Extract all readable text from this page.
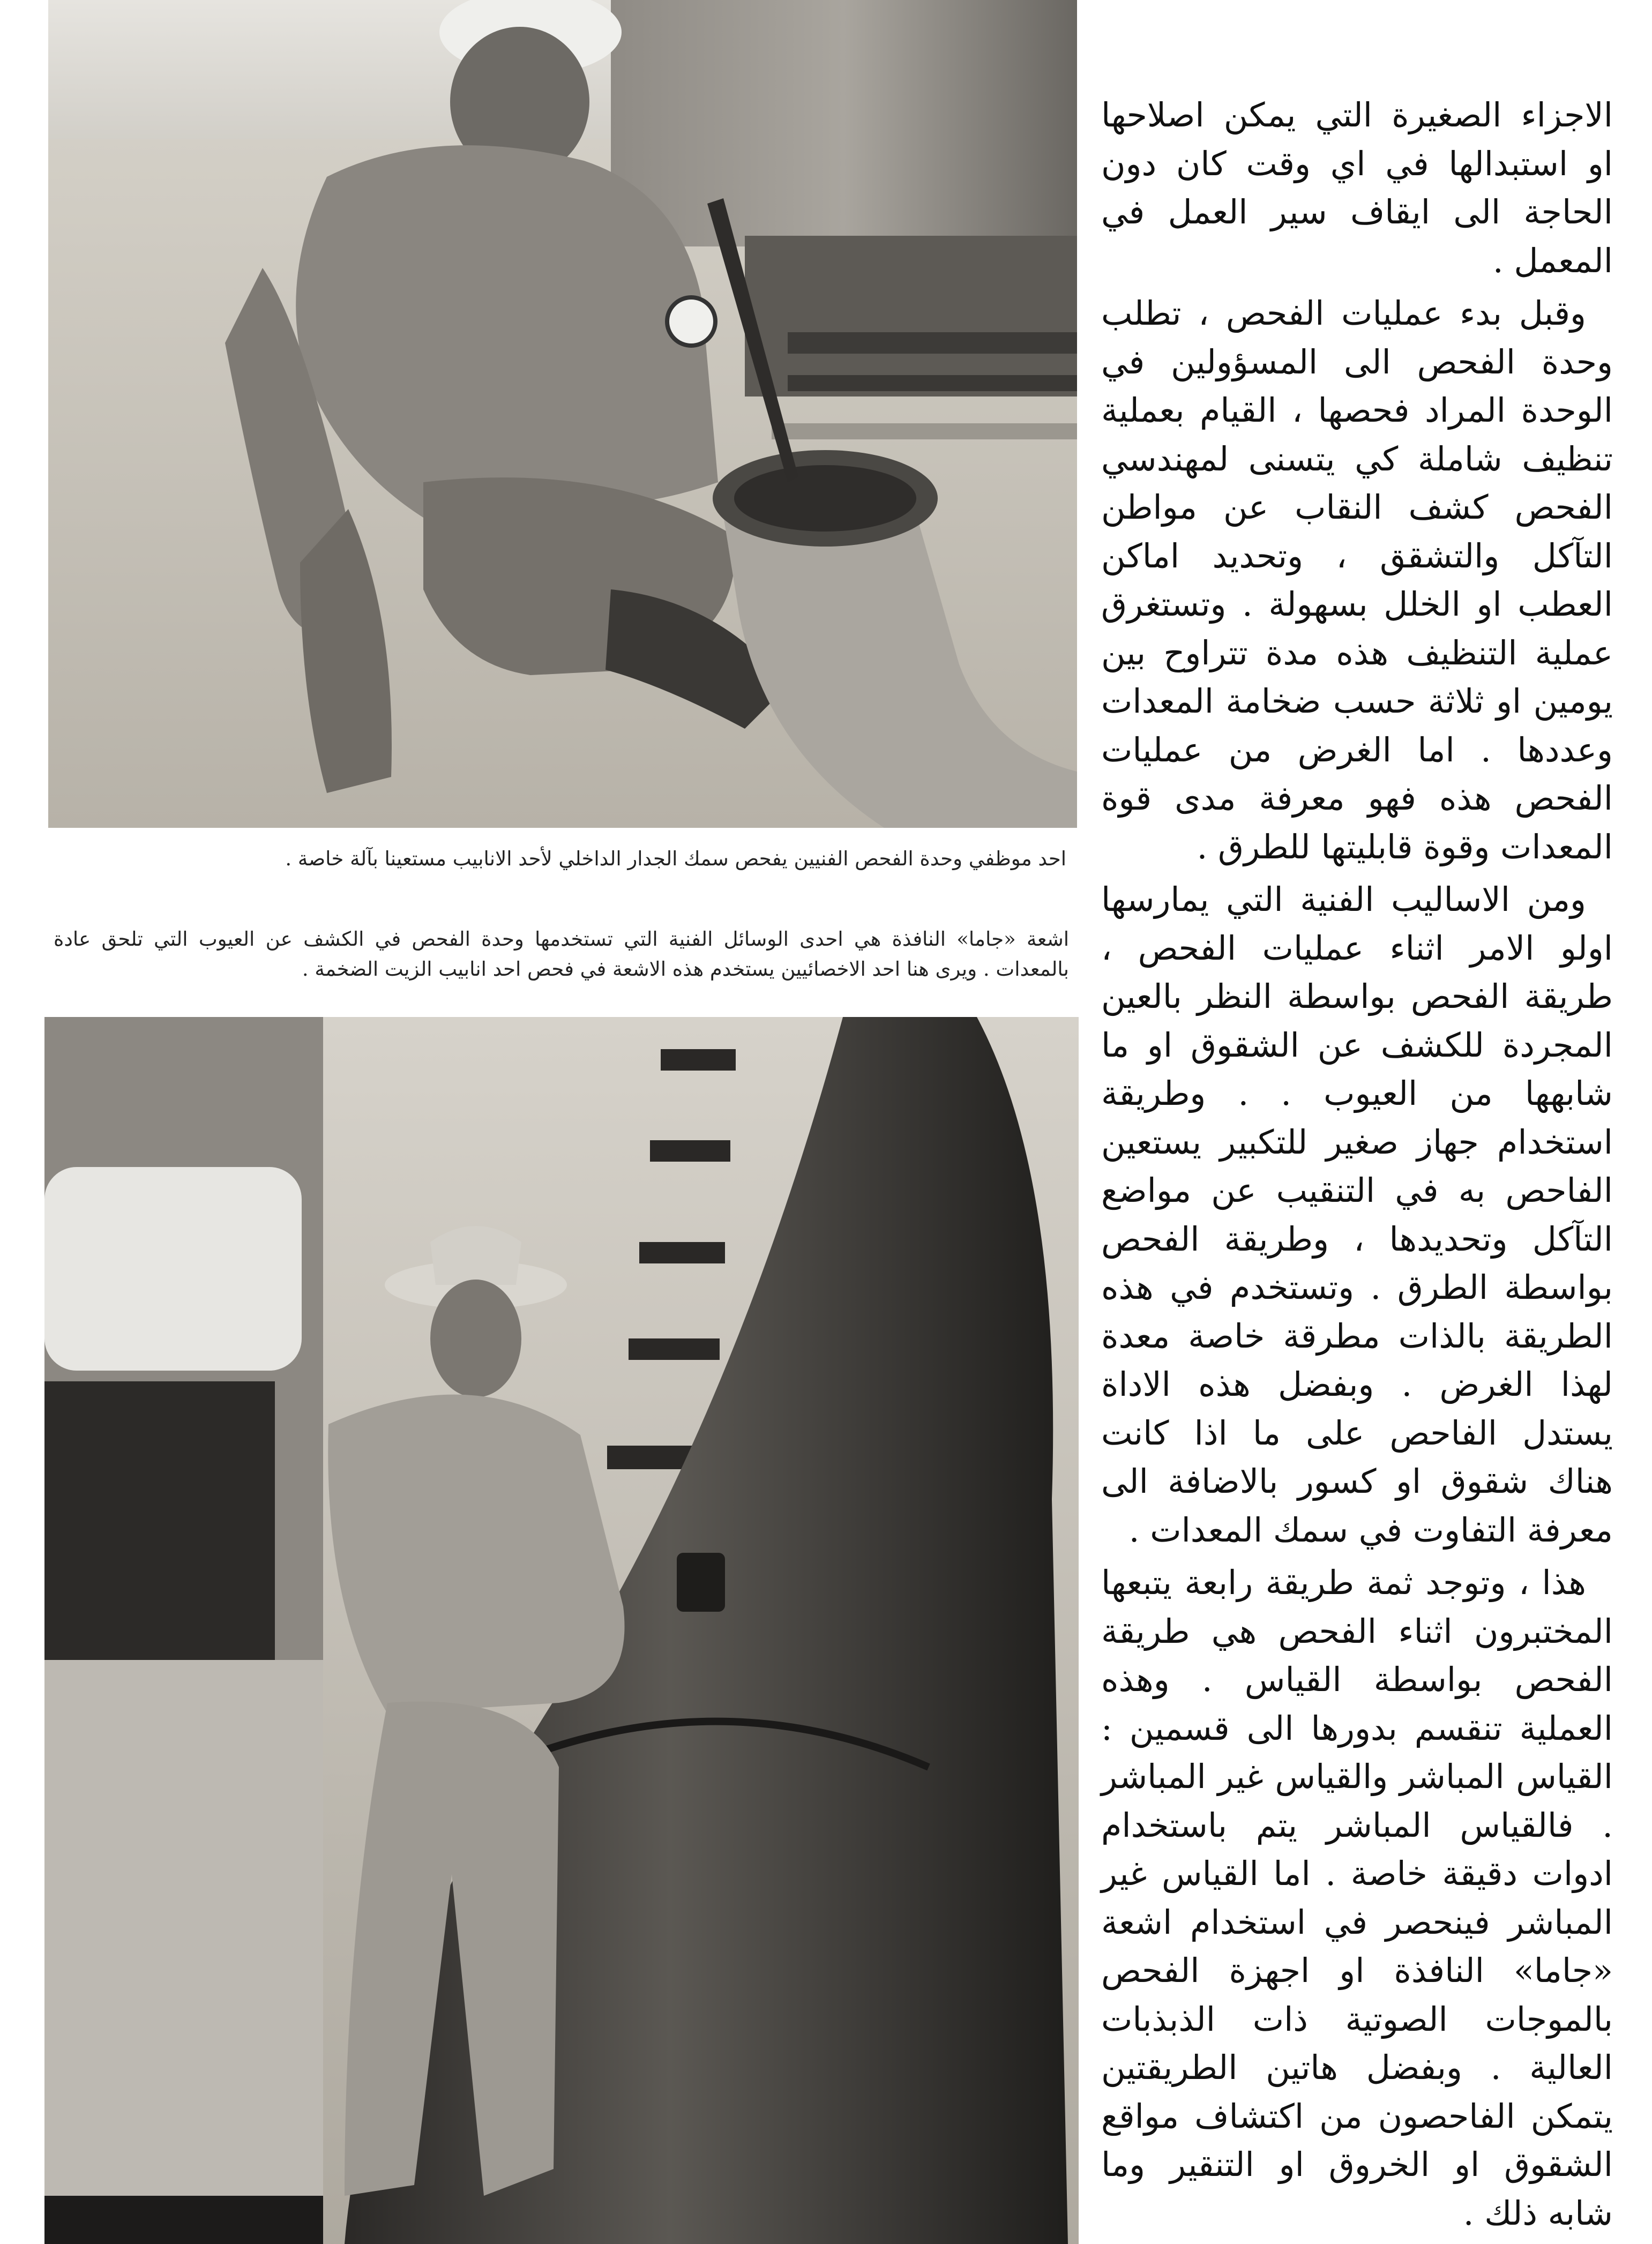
احد موظفي وحدة الفحص الفنيين يفحص سمك الجدار الداخلي لأحد الانابيب مستعينا بآلة خاصة .
اشعة «جاما» النافذة هي احدى الوسائل الفنية التي تستخدمها وحدة الفحص في الكشف عن العيوب التي تلحق عادة بالمعدات . ويرى هنا احد الاخصائيين يستخدم هذه الاشعة في فحص احد انابيب الزيت الضخمة .

الاجزاء الصغيرة التي يمكن اصلاحها او استبدالها في اي وقت كان دون الحاجة الى ايقاف سير العمل في المعمل .

وقبل بدء عمليات الفحص ، تطلب وحدة الفحص الى المسؤولين في الوحدة المراد فحصها ، القيام بعملية تنظيف شاملة كي يتسنى لمهندسي الفحص كشف النقاب عن مواطن التآكل والتشقق ، وتحديد اماكن العطب او الخلل بسهولة . وتستغرق عملية التنظيف هذه مدة تتراوح بين يومين او ثلاثة حسب ضخامة المعدات وعددها . اما الغرض من عمليات الفحص هذه فهو معرفة مدى قوة المعدات وقوة قابليتها للطرق .

ومن الاساليب الفنية التي يمارسها اولو الامر اثناء عمليات الفحص ، طريقة الفحص بواسطة النظر بالعين المجردة للكشف عن الشقوق او ما شابهها من العيوب . . وطريقة استخدام جهاز صغير للتكبير يستعين الفاحص به في التنقيب عن مواضع التآكل وتحديدها ، وطريقة الفحص بواسطة الطرق . وتستخدم في هذه الطريقة بالذات مطرقة خاصة معدة لهذا الغرض . وبفضل هذه الاداة يستدل الفاحص على ما اذا كانت هناك شقوق او كسور بالاضافة الى معرفة التفاوت في سمك المعدات .

هذا ، وتوجد ثمة طريقة رابعة يتبعها المختبرون اثناء الفحص هي طريقة الفحص بواسطة القياس . وهذه العملية تنقسم بدورها الى قسمين : القياس المباشر والقياس غير المباشر . فالقياس المباشر يتم باستخدام ادوات دقيقة خاصة . اما القياس غير المباشر فينحصر في استخدام اشعة «جاما» النافذة او اجهزة الفحص بالموجات الصوتية ذات الذبذبات العالية . وبفضل هاتين الطريقتين يتمكن الفاحصون من اكتشاف مواقع الشقوق او الخروق او التنقير وما شابه ذلك .
